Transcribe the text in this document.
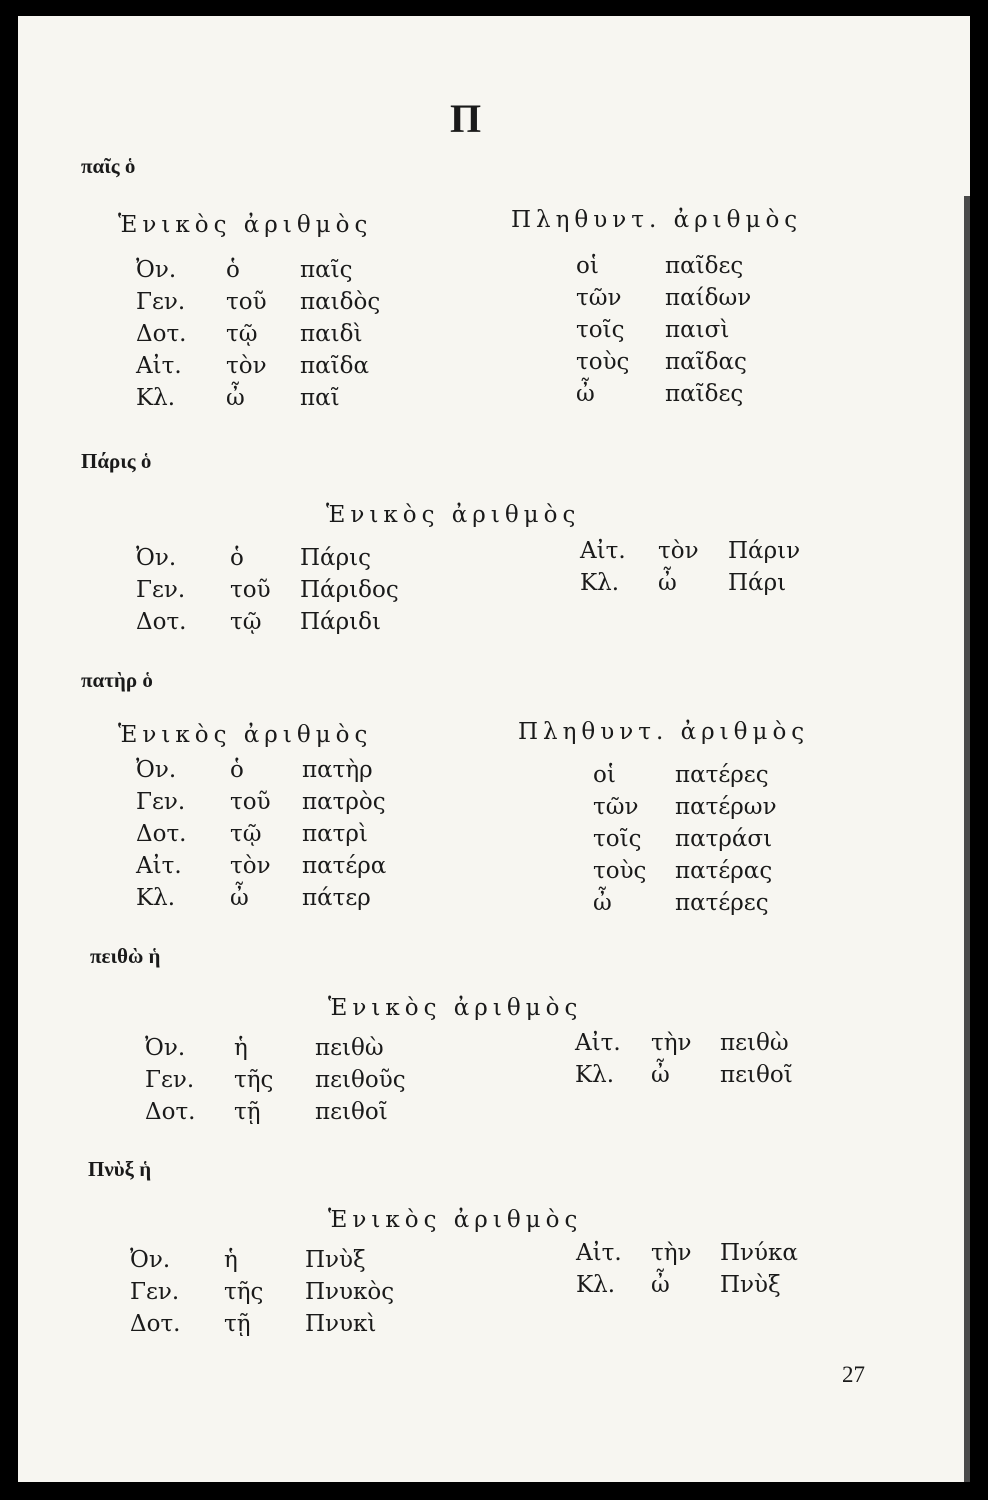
Π
παῖς ὁ
Ἑνικὸς ἀριθμὸς	Πληθυντ. ἀριθμὸς
Ὀν. ὁ	παῖς
Γεν. τοῦ παιδὸς
Δοτ. τῷ παιδὶ
Αἰτ. τὸν παῖδα
Κλ. ὦ παῖ
οἱ	παῖδες
τῶν παίδων
τοῖς παισὶ
τοὺς παῖδας
ὦ	παῖδες
Πάρις ὁ
Ἑνικὸς ἀριθμὸς
Ὀν. ὁ Πάρις
Γεν. τοῦ Πάριδος
Δοτ. τῷ Πάριδι
Αἰτ. τὸν Πάριν
Κλ. ὦ Πάρι
πατὴρ ὁ
Ἑνικὸς ἀριθμὸς	Πληθυντ. ἀριθμὸς
Ὀν. ὁ	πατὴρ
Γεν. τοῦ πατρὸς
Δοτ. τῷ πατρὶ
Αἰτ. τὸν πατέρα
Κλ. ὦ πάτερ
οἱ	πατέρες
τῶν πατέρων
τοῖς πατράσι
τοὺς πατέρας
ὦ	πατέρες
πειθὼ ἡ
Ἑνικὸς ἀριθμὸς
Ὀν. ἡ	πειθὼ
Γεν. τῆς πειθοῦς
Δοτ. τῇ πειθοῖ
Αἰτ. τὴν πειθὼ
Κλ. ὦ πειθοῖ
Πνὺξ ἡ
Ἑνικὸς ἀριθμὸς
Ὀν. ἡ	Πνὺξ
Γεν. τῆς Πνυκὸς
Δοτ. τῇ Πνυκὶ
Αἰτ. τὴν Πνύκα
Κλ. ὦ Πνὺξ
27
